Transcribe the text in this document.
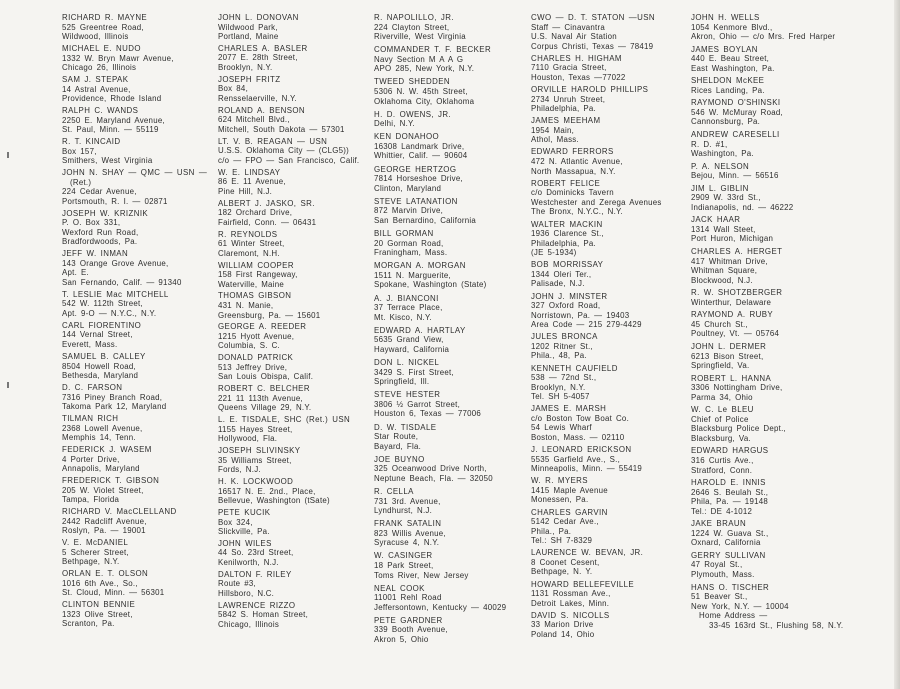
RICHARD R. MAYNE
525 Greentree Road,
Wildwood, Illinois
MICHAEL E. NUDO
1332 W. Bryn Mawr Avenue,
Chicago 26, Illinois
SAM J. STEPAK
14 Astral Avenue,
Providence, Rhode Island
RALPH C. WANDS
2250 E. Maryland Avenue,
St. Paul, Minn. — 55119
R. T. KINCAID
Box 157,
Smithers, West Virginia
JOHN N. SHAY — QMC — USN —
(Ret.)
224 Cedar Avenue,
Portsmouth, R. I. — 02871
JOSEPH W. KRIZNIK
P. O. Box 331,
Wexford Run Road,
Bradfordwoods, Pa.
JEFF W. INMAN
143 Orange Grove Avenue,
Apt. E.
San Fernando, Calif. — 91340
T. LESLIE Mac MITCHELL
542 W. 112th Street,
Apt. 9-O — N.Y.C., N.Y.
CARL FIORENTINO
144 Vernal Street,
Everett, Mass.
SAMUEL B. CALLEY
8504 Howell Road,
Bethesda, Maryland
D. C. FARSON
7316 Piney Branch Road,
Takoma Park 12, Maryland
TILMAN RICH
2368 Lowell Avenue,
Memphis 14, Tenn.
FEDERICK J. WASEM
4 Porter Drive,
Annapolis, Maryland
FREDERICK T. GIBSON
205 W. Violet Street,
Tampa, Florida
RICHARD V. MacCLELLAND
2442 Radcliff Avenue,
Roslyn, Pa. — 19001
V. E. McDANIEL
5 Scherer Street,
Bethpage, N.Y.
ORLAN E. T. OLSON
1016 6th Ave., So.,
St. Cloud, Minn. — 56301
CLINTON BENNIE
1323 Olive Street,
Scranton, Pa.
JOHN L. DONOVAN
Wildwood Park,
Portland, Maine
CHARLES A. BASLER
2077 E. 28th Street,
Brooklyn, N.Y.
JOSEPH FRITZ
Box 84,
Rensselaerville, N.Y.
ROLAND A. BENSON
624 Mitchell Blvd.,
Mitchell, South Dakota — 57301
LT. V. B. REAGAN — USN
U.S.S. Oklahoma City — (CLG5))
c/o — FPO — San Francisco, Calif.
W. E. LINDSAY
86 E. 11 Avenue,
Pine Hill, N.J.
ALBERT J. JASKO, SR.
182 Orchard Drive,
Fairfield, Conn. — 06431
R. REYNOLDS
61 Winter Street,
Claremont, N.H.
WILLIAM COOPER
158 First Rangeway,
Waterville, Maine
THOMAS GIBSON
431 N. Manie,
Greensburg, Pa. — 15601
GEORGE A. REEDER
1215 Hyott Avenue,
Columbia, S. C.
DONALD PATRICK
513 Jeffrey Drive,
San Louis Obispa, Calif.
ROBERT C. BELCHER
221 11 113th Avenue,
Queens Village 29, N.Y.
L. E. TISDALE, SHC (Ret.) USN
1155 Hayes Street,
Hollywood, Fla.
JOSEPH SLIVINSKY
35 Williams Street,
Fords, N.J.
H. K. LOCKWOOD
16517 N. E. 2nd., Place,
Bellevue, Washington (tSate)
PETE KUCIK
Box 324,
Slickville, Pa.
JOHN WILES
44 So. 23rd Street,
Kenilworth, N.J.
DALTON F. RILEY
Route #3,
Hillsboro, N.C.
LAWRENCE RIZZO
5842 S. Homan Street,
Chicago, Illinois
R. NAPOLILLO, JR.
224 Clayton Street,
Riverville, West Virginia
COMMANDER T. F. BECKER
Navy Section M A A G
APO 285, New York, N.Y.
TWEED SHEDDEN
5306 N. W. 45th Street,
Oklahoma City, Oklahoma
H. D. OWENS, JR.
Delhi, N.Y.
KEN DONAHOO
16308 Landmark Drive,
Whittier, Calif. — 90604
GEORGE HERTZOG
7814 Horseshoe Drive,
Clinton, Maryland
STEVE LATANATION
872 Marvin Drive,
San Bernardino, California
BILL GORMAN
20 Gorman Road,
Franingham, Mass.
MORGAN A. MORGAN
1511 N. Marguerite,
Spokane, Washington (State)
A. J. BIANCONI
37 Terrace Place,
Mt. Kisco, N.Y.
EDWARD A. HARTLAY
5635 Grand View,
Hayward, California
DON L. NICKEL
3429 S. First Street,
Springfield, Ill.
STEVE HESTER
3806 ½ Garrot Street,
Houston 6, Texas — 77006
D. W. TISDALE
Star Route,
Bayard, Fla.
JOE BUYNO
325 Oceanwood Drive North,
Neptune Beach, Fla. — 32050
R. CELLA
731 3rd. Avenue,
Lyndhurst, N.J.
FRANK SATALIN
823 Willis Avenue,
Syracuse 4, N.Y.
W. CASINGER
18 Park Street,
Toms River, New Jersey
NEAL COOK
11001 Rehl Road
Jeffersontown, Kentucky — 40029
PETE GARDNER
339 Booth Avenue,
Akron 5, Ohio
CWO — D. T. STATON —USN
Staff — Cinavantra
U.S. Naval Air Station
Corpus Christi, Texas — 78419
CHARLES H. HIGHAM
7110 Gracia Street,
Houston, Texas —77022
ORVILLE HAROLD PHILLIPS
2734 Unruh Street,
Philadelphia, Pa.
JAMES MEEHAM
1954 Main,
Athol, Mass.
EDWARD FERRORS
472 N. Atlantic Avenue,
North Massapua, N.Y.
ROBERT FELICE
c/o Dominicks Tavern
Westchester and Zerega Avenues
The Bronx, N.Y.C., N.Y.
WALTER MACKIN
1936 Clarence St.,
Philadelphia, Pa.
(JE 5-1934)
BOB MORRISSAY
1344 Oleri Ter.,
Palisade, N.J.
JOHN J. MINSTER
327 Oxford Road,
Norristown, Pa. — 19403
Area Code — 215 279-4429
JULES BRONCA
1202 Ritner St.,
Phila., 48, Pa.
KENNETH CAUFIELD
538 — 72nd St.,
Brooklyn, N.Y.
Tel. SH 5-4057
JAMES E. MARSH
c/o Boston Tow Boat Co.
54 Lewis Wharf
Boston, Mass. — 02110
J. LEONARD ERICKSON
5535 Garfield Ave., S.,
Minneapolis, Minn. — 55419
W. R. MYERS
1415 Maple Avenue
Monessen, Pa.
CHARLES GARVIN
5142 Cedar Ave.,
Phila., Pa.
Tel.: SH 7-8329
LAURENCE W. BEVAN, JR.
8 Coonet Cesent,
Bethpage, N. Y.
HOWARD BELLEFEVILLE
1131 Rossman Ave.,
Detroit Lakes, Minn.
DAVID S. NICOLLS
33 Marion Drive
Poland 14, Ohio
JOHN H. WELLS
1054 Kenmore Blvd.,
Akron, Ohio — c/o Mrs. Fred Harper
JAMES BOYLAN
440 E. Beau Street,
East Washington, Pa.
SHELDON McKEE
Rices Landing, Pa.
RAYMOND O'SHINSKI
546 W. McMuray Road,
Cannonsburg, Pa.
ANDREW CARESELLI
R. D. #1,
Washington, Pa.
P. A. NELSON
Bejou, Minn. — 56516
JIM L. GIBLIN
2909 W. 33rd St.,
Indianapolis, nd. — 46222
JACK HAAR
1314 Wall Steet,
Port Huron, Michigan
CHARLES A. HERGET
417 Whitman Drive,
Whitman Square,
Blockwood, N.J.
R. W. SHOTZBERGER
Winterthur, Delaware
RAYMOND A. RUBY
45 Church St.,
Poultney, Vt. — 05764
JOHN L. DERMER
6213 Bison Street,
Springfield, Va.
ROBERT L. HANNA
3306 Nottingham Drive,
Parma 34, Ohio
W. C. Le BLEU
Chief of Police
Blacksburg Police Dept.,
Blacksburg, Va.
EDWARD HARGUS
316 Curtis Ave.,
Stratford, Conn.
HAROLD E. INNIS
2646 S. Beulah St.,
Phila, Pa. — 19148
Tel.: DE 4-1012
JAKE BRAUN
1224 W. Guava St.,
Oxnard, California
GERRY SULLIVAN
47 Royal St.,
Plymouth, Mass.
HANS O. TISCHER
51 Beaver St.,
New York, N.Y. — 10004
Home Address —
33-45 163rd St., Flushing 58, N.Y.
